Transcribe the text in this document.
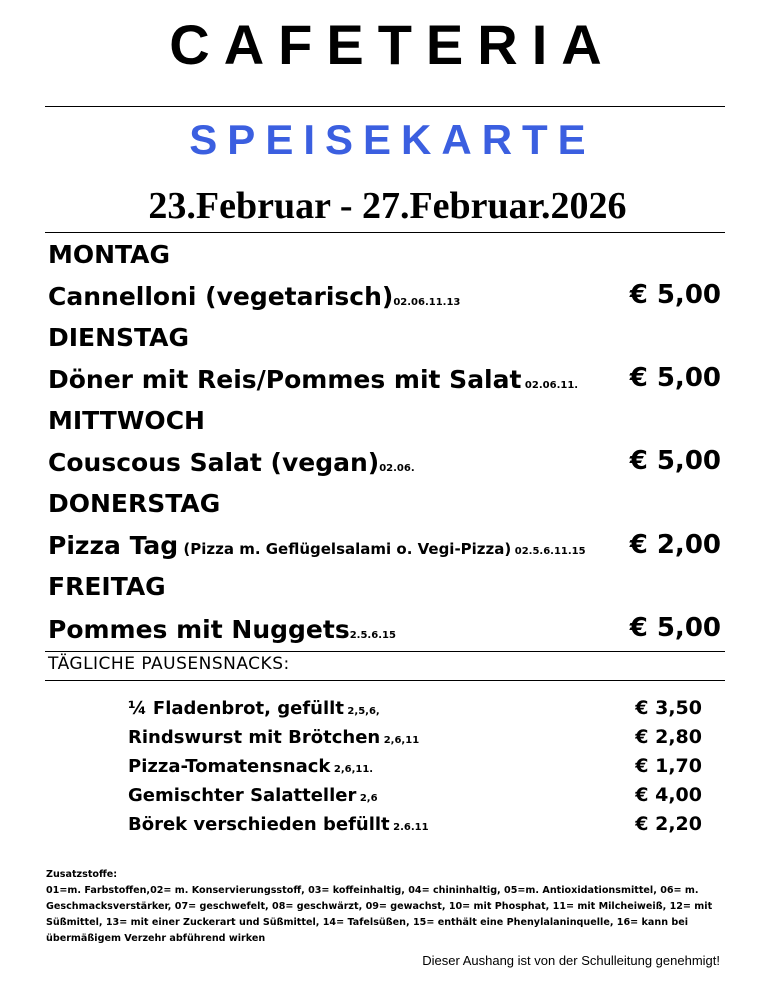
CAFETERIA
SPEISEKARTE
23.Februar - 27.Februar.2026
MONTAG
Cannelloni (vegetarisch)02.06.11.13	€ 5,00
DIENSTAG
Döner mit Reis/Pommes mit Salat 02.06.11. € 5,00
MITTWOCH
Couscous Salat (vegan)02.06.	€ 5,00
DONERSTAG
Pizza Tag (Pizza m. Geflügelsalami o. Vegi-Pizza) 02.5.6.11.15 € 2,00
FREITAG
Pommes mit Nuggets2.5.6.15	€ 5,00
TÄGLICHE PAUSENSNACKS:
¼ Fladenbrot, gefüllt 2,5,6,	€ 3,50
Rindswurst mit Brötchen 2,6,11	€ 2,80
Pizza-Tomatensnack 2,6,11.	€ 1,70
Gemischter Salatteller 2,6	€ 4,00
Börek verschieden befüllt 2.6.11	€ 2,20
Zusatzstoffe:
01=m. Farbstoffen,02= m. Konservierungsstoff, 03= koffeinhaltig, 04= chininhaltig, 05=m. Antioxidationsmittel, 06= m. Geschmacksverstärker, 07= geschwefelt, 08= geschwärzt, 09= gewachst, 10= mit Phosphat, 11= mit Milcheiweiß, 12= mit Süßmittel, 13= mit einer Zuckerart und Süßmittel, 14= Tafelsüßen, 15= enthält eine Phenylalaninquelle, 16= kann bei übermäßigem Verzehr abführend wirken
Dieser Aushang ist von der Schulleitung genehmigt!
